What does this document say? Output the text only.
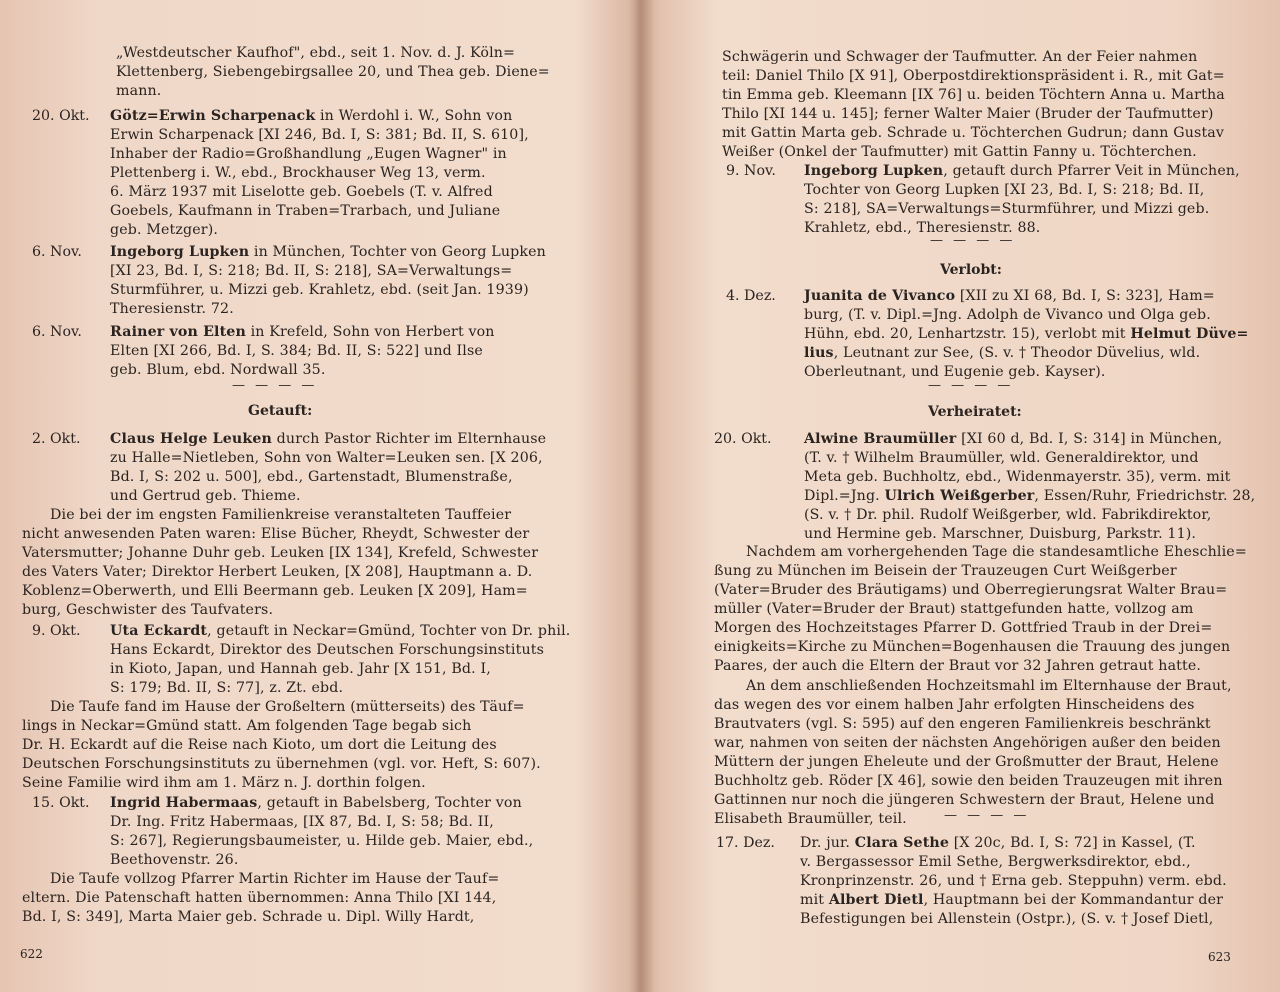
„Westdeutscher Kaufhof", ebd., seit 1. Nov. d. J. Köln=
Klettenberg, Siebengebirgsallee 20, und Thea geb. Diene=
mann.
20. Okt. Götz=Erwin Scharpenack in Werdohl i. W., Sohn von
Erwin Scharpenack [XI 246, Bd. I, S: 381; Bd. II, S. 610],
Inhaber der Radio=Großhandlung „Eugen Wagner" in
Plettenberg i. W., ebd., Brockhauser Weg 13, verm.
6. März 1937 mit Liselotte geb. Goebels (T. v. Alfred
Goebels, Kaufmann in Traben=Trarbach, und Juliane
geb. Metzger).
6. Nov. Ingeborg Lupken in München, Tochter von Georg Lupken
[XI 23, Bd. I, S: 218; Bd. II, S: 218], SA=Verwaltungs=
Sturmführer, u. Mizzi geb. Krahletz, ebd. (seit Jan. 1939)
Theresienstr. 72.
6. Nov. Rainer von Elten in Krefeld, Sohn von Herbert von
Elten [XI 266, Bd. I, S. 384; Bd. II, S: 522] und Ilse
geb. Blum, ebd. Nordwall 35.
— — — —
Getauft:
2. Okt. Claus Helge Leuken durch Pastor Richter im Elternhause
zu Halle=Nietleben, Sohn von Walter=Leuken sen. [X 206,
Bd. I, S: 202 u. 500], ebd., Gartenstadt, Blumenstraße,
und Gertrud geb. Thieme.
Die bei der im engsten Familienkreise veranstalteten Tauffeier
nicht anwesenden Paten waren: Elise Bücher, Rheydt, Schwester der
Vatersmutter; Johanne Duhr geb. Leuken [IX 134], Krefeld, Schwester
des Vaters Vater; Direktor Herbert Leuken, [X 208], Hauptmann a. D.
Koblenz=Oberwerth, und Elli Beermann geb. Leuken [X 209], Ham=
burg, Geschwister des Taufvaters.
9. Okt. Uta Eckardt, getauft in Neckar=Gmünd, Tochter von Dr. phil.
Hans Eckardt, Direktor des Deutschen Forschungsinstituts
in Kioto, Japan, und Hannah geb. Jahr [X 151, Bd. I,
S: 179; Bd. II, S: 77], z. Zt. ebd.
Die Taufe fand im Hause der Großeltern (mütterseits) des Täuf=
lings in Neckar=Gmünd statt. Am folgenden Tage begab sich
Dr. H. Eckardt auf die Reise nach Kioto, um dort die Leitung des
Deutschen Forschungsinstituts zu übernehmen (vgl. vor. Heft, S: 607).
Seine Familie wird ihm am 1. März n. J. dorthin folgen.
15. Okt. Ingrid Habermaas, getauft in Babelsberg, Tochter von
Dr. Ing. Fritz Habermaas, [IX 87, Bd. I, S: 58; Bd. II,
S: 267], Regierungsbaumeister, u. Hilde geb. Maier, ebd.,
Beethovenstr. 26.
Die Taufe vollzog Pfarrer Martin Richter im Hause der Tauf=
eltern. Die Patenschaft hatten übernommen: Anna Thilo [XI 144,
Bd. I, S: 349], Marta Maier geb. Schrade u. Dipl. Willy Hardt,
622
Schwägerin und Schwager der Taufmutter. An der Feier nahmen
teil: Daniel Thilo [X 91], Oberpostdirektionspräsident i. R., mit Gat=
tin Emma geb. Kleemann [IX 76] u. beiden Töchtern Anna u. Martha
Thilo [XI 144 u. 145]; ferner Walter Maier (Bruder der Taufmutter)
mit Gattin Marta geb. Schrade u. Töchterchen Gudrun; dann Gustav
Weißer (Onkel der Taufmutter) mit Gattin Fanny u. Töchterchen.
9. Nov. Ingeborg Lupken, getauft durch Pfarrer Veit in München,
Tochter von Georg Lupken [XI 23, Bd. I, S: 218; Bd. II,
S: 218], SA=Verwaltungs=Sturmführer, und Mizzi geb.
Krahletz, ebd., Theresienstr. 88.
— — — —
Verlobt:
4. Dez. Juanita de Vivanco [XII zu XI 68, Bd. I, S: 323], Ham=
burg, (T. v. Dipl.=Jng. Adolph de Vivanco und Olga geb.
Hühn, ebd. 20, Lenhartzstr. 15), verlobt mit Helmut Düve=
lius, Leutnant zur See, (S. v. † Theodor Düvelius, wld.
Oberleutnant, und Eugenie geb. Kayser).
— — — —
Verheiratet:
20. Okt. Alwine Braumüller [XI 60 d, Bd. I, S: 314] in München,
(T. v. † Wilhelm Braumüller, wld. Generaldirektor, und
Meta geb. Buchholtz, ebd., Widenmayerstr. 35), verm. mit
Dipl.=Jng. Ulrich Weißgerber, Essen/Ruhr, Friedrichstr. 28,
(S. v. † Dr. phil. Rudolf Weißgerber, wld. Fabrikdirektor,
und Hermine geb. Marschner, Duisburg, Parkstr. 11).
Nachdem am vorhergehenden Tage die standesamtliche Eheschlie=
ßung zu München im Beisein der Trauzeugen Curt Weißgerber
(Vater=Bruder des Bräutigams) und Oberregierungsrat Walter Brau=
müller (Vater=Bruder der Braut) stattgefunden hatte, vollzog am
Morgen des Hochzeitstages Pfarrer D. Gottfried Traub in der Drei=
einigkeits=Kirche zu München=Bogenhausen die Trauung des jungen
Paares, der auch die Eltern der Braut vor 32 Jahren getraut hatte.
An dem anschließenden Hochzeitsmahl im Elternhause der Braut,
das wegen des vor einem halben Jahr erfolgten Hinscheidens des
Brautvaters (vgl. S: 595) auf den engeren Familienkreis beschränkt
war, nahmen von seiten der nächsten Angehörigen außer den beiden
Müttern der jungen Eheleute und der Großmutter der Braut, Helene
Buchholtz geb. Röder [X 46], sowie den beiden Trauzeugen mit ihren
Gattinnen nur noch die jüngeren Schwestern der Braut, Helene und
Elisabeth Braumüller, teil.	— — — —
17. Dez. Dr. jur. Clara Sethe [X 20c, Bd. I, S: 72] in Kassel, (T.
v. Bergassessor Emil Sethe, Bergwerksdirektor, ebd.,
Kronprinzenstr. 26, und † Erna geb. Steppuhn) verm. ebd.
mit Albert Dietl, Hauptmann bei der Kommandantur der
Befestigungen bei Allenstein (Ostpr.), (S. v. † Josef Dietl,
623
